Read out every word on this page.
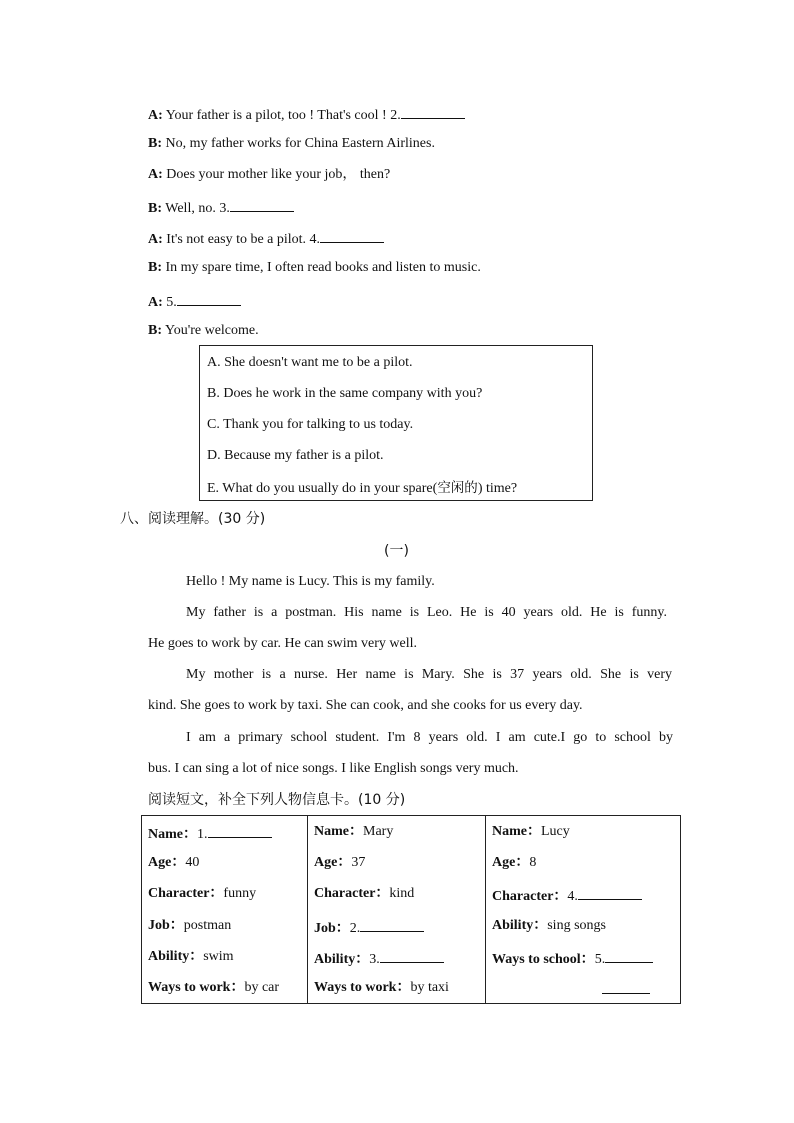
A: Your father is a pilot, too ! That's cool ! 2.
B: No, my father works for China Eastern Airlines.
A: Does your mother like your job， then?
B: Well, no. 3.
A: It's not easy to be a pilot. 4.
B: In my spare time, I often read books and listen to music.
A: 5.
B: You're welcome.
A. She doesn't want me to be a pilot.
B. Does he work in the same company with you?
C. Thank you for talking to us today.
D. Because my father is a pilot.
E. What do you usually do in your spare(空闲的) time?
八、阅读理解。(30 分)
(一)
Hello ! My name is Lucy. This is my family.
My father is a postman. His name is Leo. He is 40 years old. He is funny.
He goes to work by car. He can swim very well.
My mother is a nurse. Her name is Mary. She is 37 years old. She is very
kind. She goes to work by taxi. She can cook, and she cooks for us every day.
I am a primary school student. I'm 8 years old. I am cute.I go to school by
bus. I can sing a lot of nice songs. I like English songs very much.
阅读短文，补全下列人物信息卡。(10 分)
Name：1.
Age：40
Character：funny
Job：postman
Ability：swim
Ways to work：by car

Name：Mary
Age：37
Character：kind
Job：2.
Ability：3.
Ways to work：by taxi

Name：Lucy
Age：8
Character：4.
Ability：sing songs
Ways to school：5.
